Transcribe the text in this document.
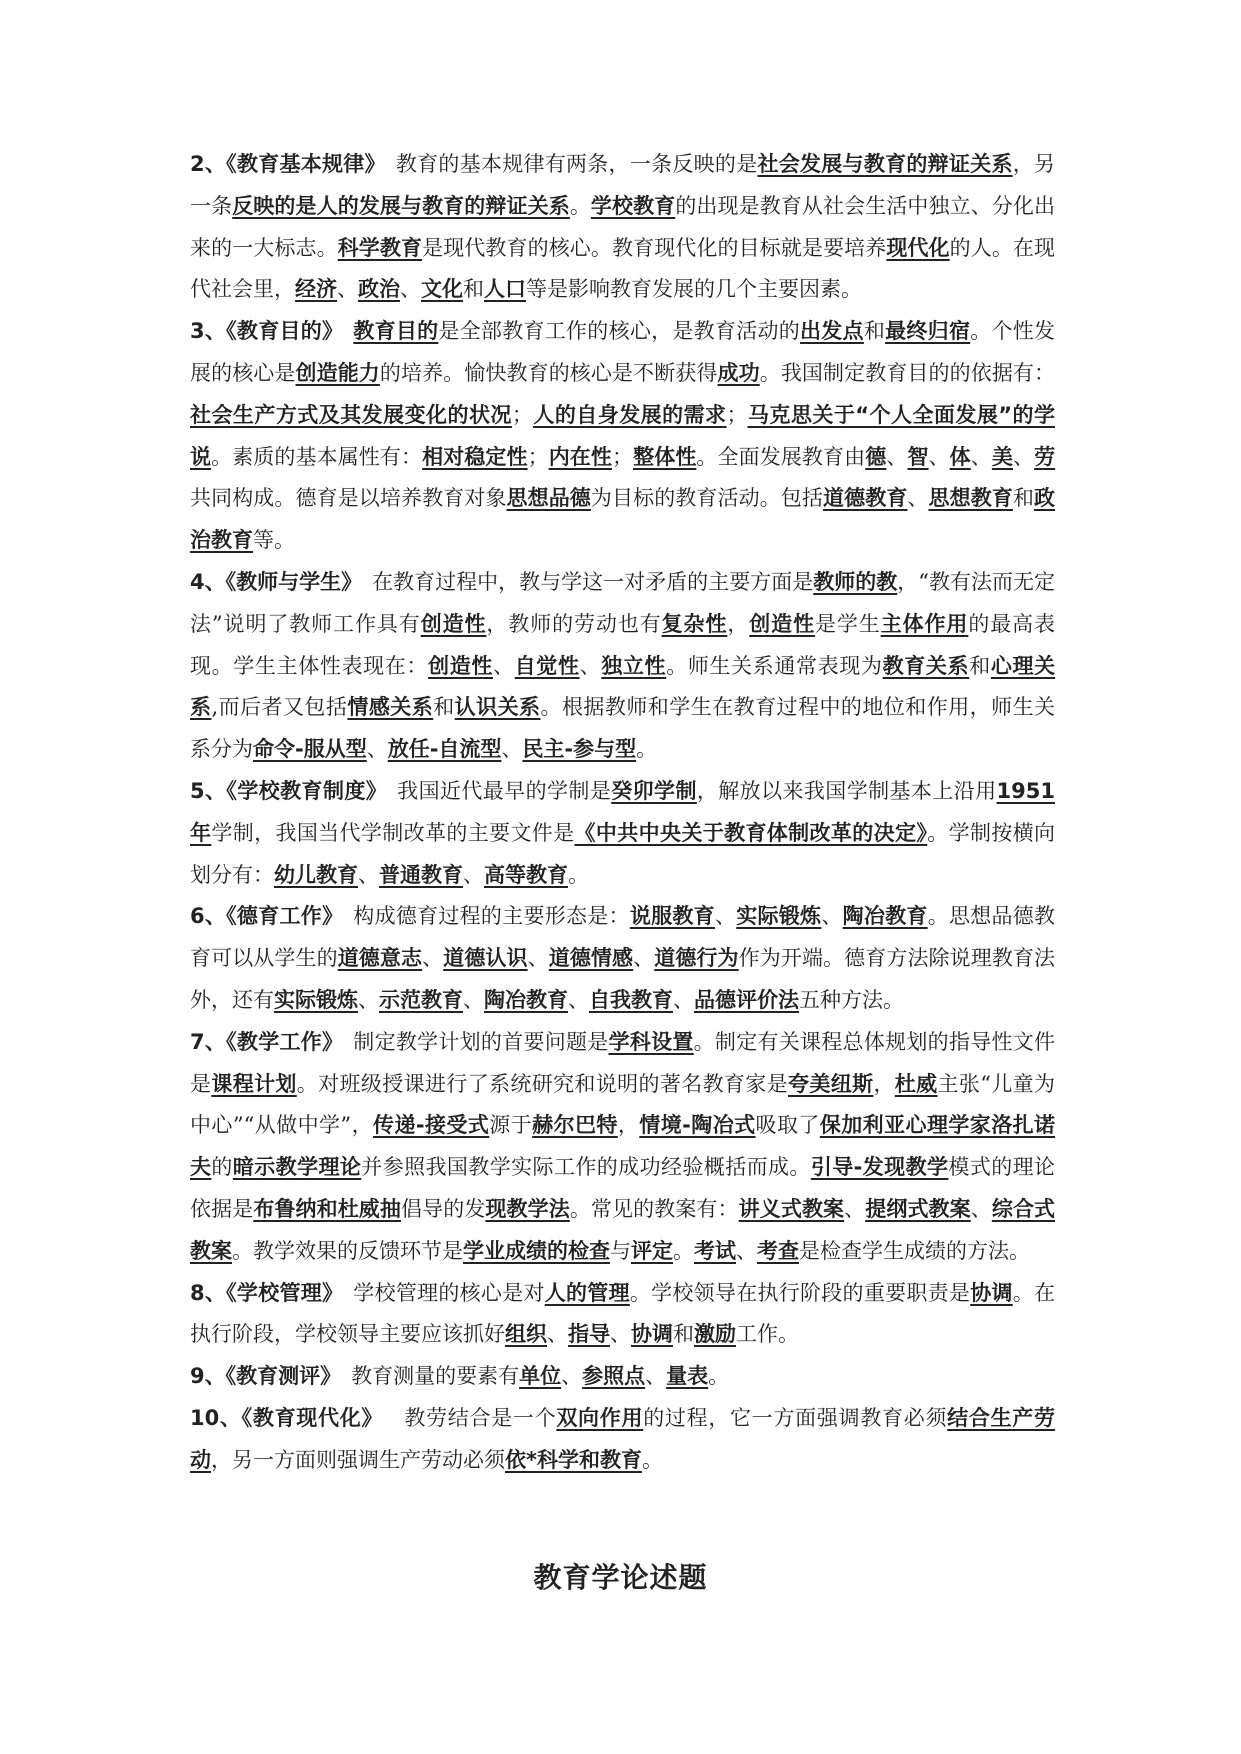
2、《教育基本规律》 教育的基本规律有两条，一条反映的是社会发展与教育的辩证关系，另一条反映的是人的发展与教育的辩证关系。学校教育的出现是教育从社会生活中独立、分化出来的一大标志。科学教育是现代教育的核心。教育现代化的目标就是要培养现代化的人。在现代社会里，经济、政治、文化和人口等是影响教育发展的几个主要因素。

3、《教育目的》 教育目的是全部教育工作的核心，是教育活动的出发点和最终归宿。个性发展的核心是创造能力的培养。愉快教育的核心是不断获得成功。我国制定教育目的的依据有：社会生产方式及其发展变化的状况；人的自身发展的需求；马克思关于“个人全面发展”的学说。素质的基本属性有：相对稳定性；内在性；整体性。全面发展教育由德、智、体、美、劳共同构成。德育是以培养教育对象思想品德为目标的教育活动。包括道德教育、思想教育和政治教育等。

4、《教师与学生》 在教育过程中，教与学这一对矛盾的主要方面是教师的教，“教有法而无定法”说明了教师工作具有创造性，教师的劳动也有复杂性，创造性是学生主体作用的最高表现。学生主体性表现在：创造性、自觉性、独立性。师生关系通常表现为教育关系和心理关系,而后者又包括情感关系和认识关系。根据教师和学生在教育过程中的地位和作用，师生关系分为命令-服从型、放任-自流型、民主-参与型。

5、《学校教育制度》 我国近代最早的学制是癸卯学制，解放以来我国学制基本上沿用1951年学制，我国当代学制改革的主要文件是《中共中央关于教育体制改革的决定》。学制按横向划分有：幼儿教育、普通教育、高等教育。

6、《德育工作》 构成德育过程的主要形态是：说服教育、实际锻炼、陶冶教育。思想品德教育可以从学生的道德意志、道德认识、道德情感、道德行为作为开端。德育方法除说理教育法外，还有实际锻炼、示范教育、陶冶教育、自我教育、品德评价法五种方法。

7、《教学工作》 制定教学计划的首要问题是学科设置。制定有关课程总体规划的指导性文件是课程计划。对班级授课进行了系统研究和说明的著名教育家是夸美纽斯，杜威主张“儿童为中心”“从做中学”，传递-接受式源于赫尔巴特，情境-陶冶式吸取了保加利亚心理学家洛扎诺夫的暗示教学理论并参照我国教学实际工作的成功经验概括而成。引导-发现教学模式的理论依据是布鲁纳和杜威抽倡导的发现教学法。常见的教案有：讲义式教案、提纲式教案、综合式教案。教学效果的反馈环节是学业成绩的检查与评定。考试、考查是检查学生成绩的方法。

8、《学校管理》 学校管理的核心是对人的管理。学校领导在执行阶段的重要职责是协调。在执行阶段，学校领导主要应该抓好组织、指导、协调和激励工作。

9、《教育测评》 教育测量的要素有单位、参照点、量表。

10、《教育现代化》　教劳结合是一个双向作用的过程，它一方面强调教育必须结合生产劳动，另一方面则强调生产劳动必须依*科学和教育。

教育学论述题
